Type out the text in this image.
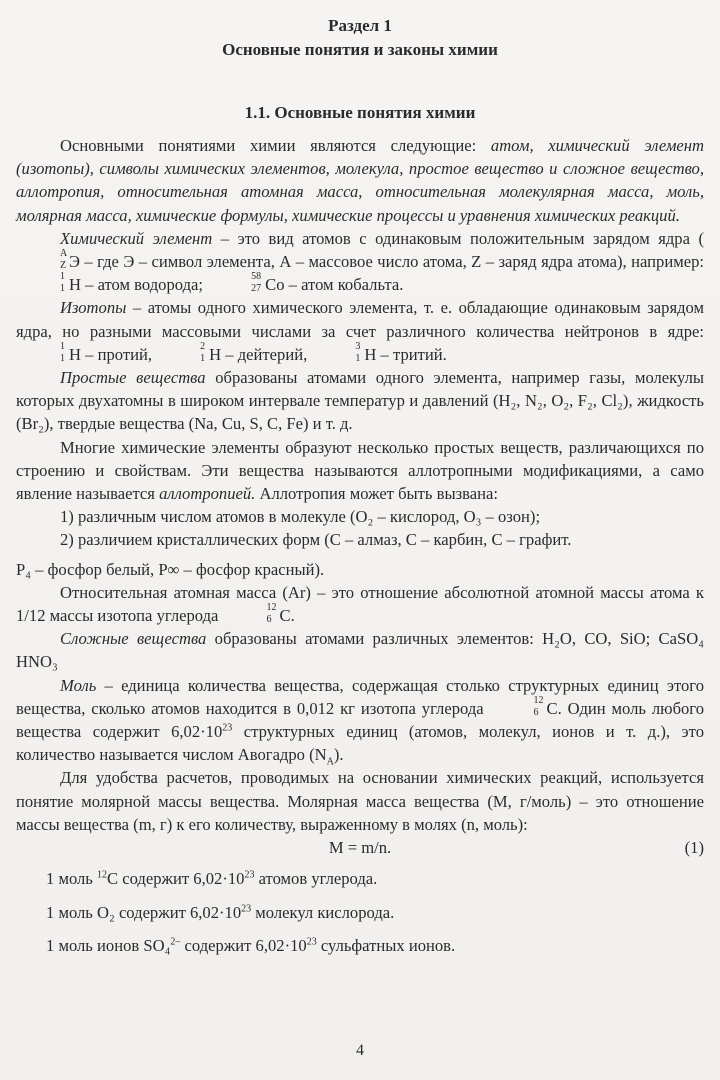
Раздел 1
Основные понятия и законы химии
1.1. Основные понятия химии

Основными понятиями химии являются следующие: атом, химический элемент (изотопы), символы химических элементов, молекула, простое вещество и сложное вещество, аллотропия, относительная атомная масса, относительная молекулярная масса, моль, молярная масса, химические формулы, химические процессы и уравнения химических реакций.

Химический элемент – это вид атомов с одинаковым положительным зарядом ядра (
A
Z Э – где Э – символ элемента, А – массовое число атома, Z – заряд ядра атома), например:
1
1 H – атом водорода;	58
27 Co – атом кобальта.

Изотопы – атомы одного химического элемента, т. е. обладающие одинаковым зарядом ядра, но разными массовыми числами за счет различного количества нейтронов в ядре:
1
1 H – протий,	2
1 H – дейтерий,	3
1 H – тритий.

Простые вещества образованы атомами одного элемента, например газы, молекулы которых двухатомны в широком интервале температур и давлений (H₂, N₂, O₂, F₂, Cl₂), жидкость (Br₂), твердые вещества (Na, Cu, S, C, Fe) и т. д.

Многие химические элементы образуют несколько простых веществ, различающихся по строению и свойствам. Эти вещества называются аллотропными модификациями, а само явление называется аллотропией. Аллотропия может быть вызвана:

1) различным числом атомов в молекуле (O₂ – кислород, O₃ – озон);

2) различием кристаллических форм (С – алмаз, С – карбин, С – графит.

P₄ – фосфор белый, P∞ – фосфор красный).

Относительная атомная масса (Ar) – это отношение абсолютной атомной массы атома к 1/12 массы изотопа углерода	12
6 C.

Сложные вещества образованы атомами различных элементов: H₂O, CO, SiO; CaSO₄ HNO₃

Моль – единица количества вещества, содержащая столько структурных единиц этого вещества, сколько атомов находится в 0,012 кг изотопа углерода	12
6 C. Один моль любого вещества содержит $6,02\cdot 10^{23}$ структурных единиц (атомов, молекул, ионов и т. д.), это количество называется числом Авогадро $(N_A)$.

Для удобства расчетов, проводимых на основании химических реакций, используется понятие молярной массы вещества. Молярная масса вещества (M, г/моль) – это отношение массы вещества (m, г) к его количеству, выраженному в молях (n, моль):

M = m/n.	(1)

1 моль $^{12}$C содержит $6,02\cdot 10^{23}$ атомов углерода.

1 моль O₂ содержит $6,02\cdot 10^{23}$ молекул кислорода.

1 моль ионов SO₄$^{2-}$ содержит $6,02\cdot 10^{23}$ сульфатных ионов.

4
